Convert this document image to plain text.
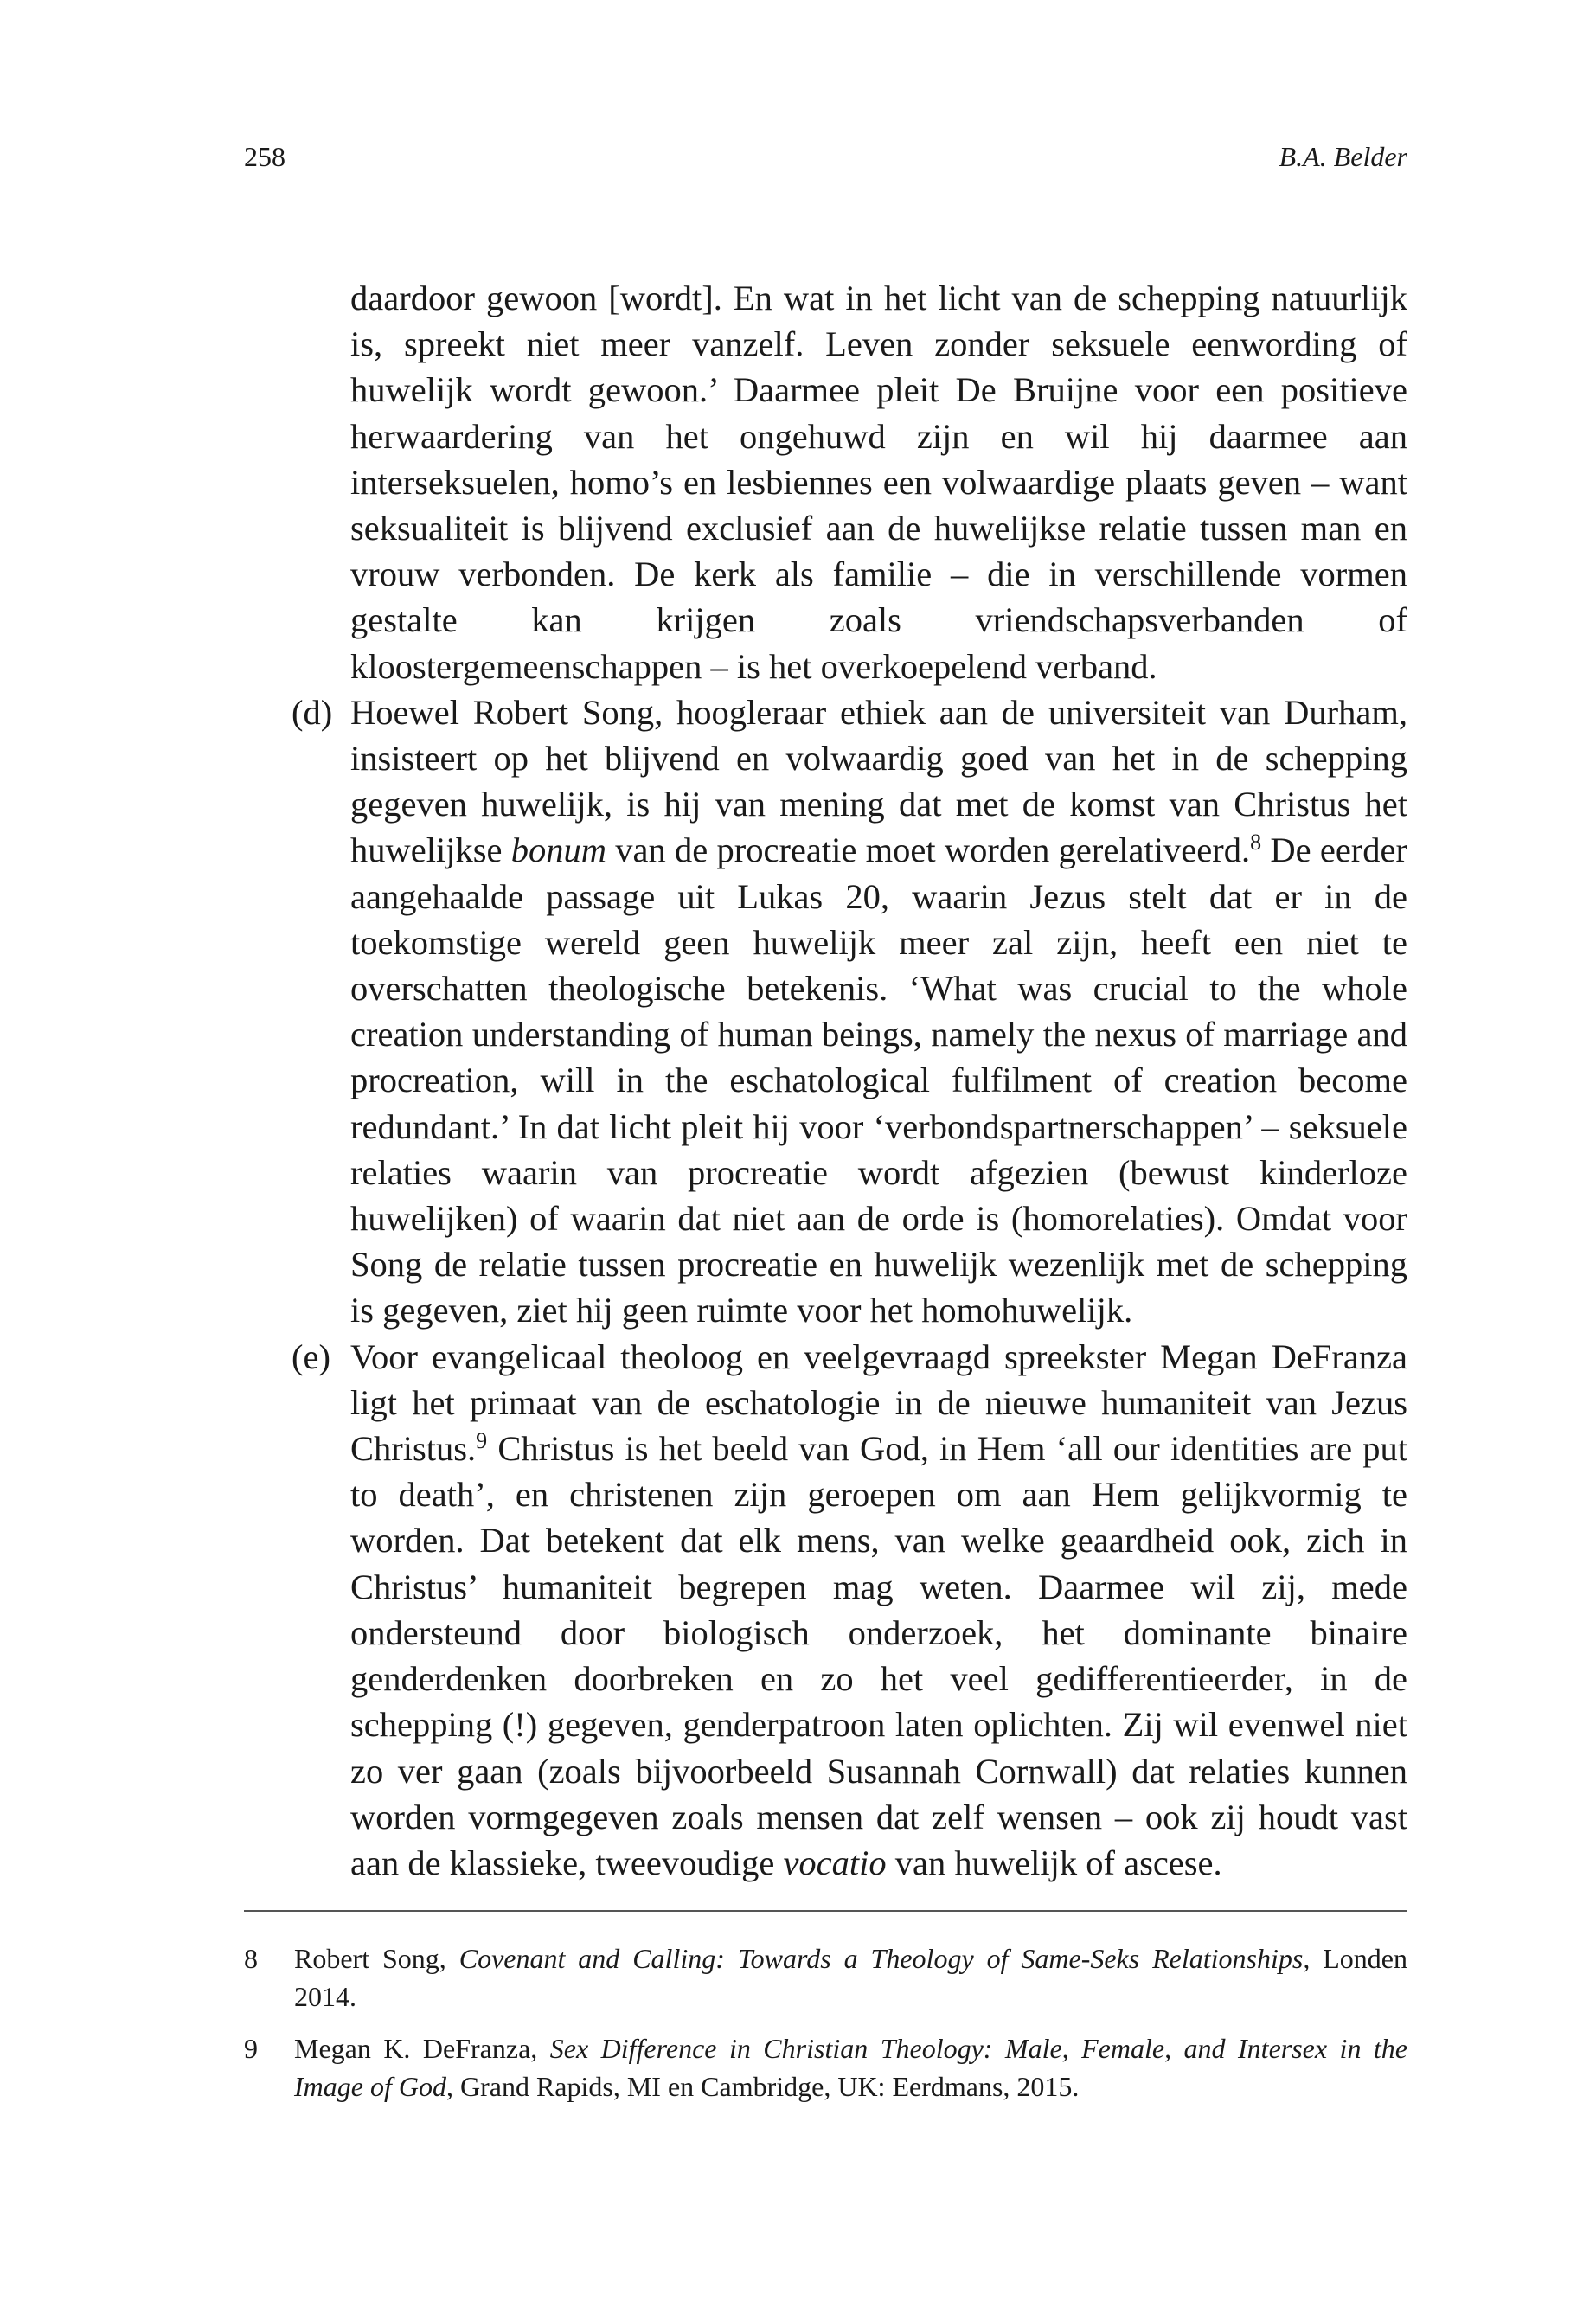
258	B.A. Belder

daardoor gewoon [wordt]. En wat in het licht van de schepping natuurlijk is, spreekt niet meer vanzelf. Leven zonder seksuele eenwording of huwelijk wordt gewoon.’ Daarmee pleit De Bruijne voor een positieve herwaardering van het ongehuwd zijn en wil hij daarmee aan interseksuelen, homo’s en lesbiennes een volwaardige plaats geven – want seksualiteit is blijvend exclusief aan de huwelijkse relatie tussen man en vrouw verbonden. De kerk als familie – die in verschillende vormen gestalte kan krijgen zoals vriendschapsverbanden of kloostergemeenschappen – is het overkoepelend verband.

(d) Hoewel Robert Song, hoogleraar ethiek aan de universiteit van Durham, insisteert op het blijvend en volwaardig goed van het in de schepping gegeven huwelijk, is hij van mening dat met de komst van Christus het huwelijkse bonum van de procreatie moet worden gerelativeerd.$^8$ De eerder aangehaalde passage uit Lukas 20, waarin Jezus stelt dat er in de toekomstige wereld geen huwelijk meer zal zijn, heeft een niet te overschatten theologische betekenis. ‘What was crucial to the whole creation understanding of human beings, namely the nexus of marriage and procreation, will in the eschatological fulfilment of creation become redundant.’ In dat licht pleit hij voor ‘verbondspartnerschappen’ – seksuele relaties waarin van procreatie wordt afgezien (bewust kinderloze huwelijken) of waarin dat niet aan de orde is (homorelaties). Omdat voor Song de relatie tussen procreatie en huwelijk wezenlijk met de schepping is gegeven, ziet hij geen ruimte voor het homohuwelijk.

(e) Voor evangelicaal theoloog en veelgevraagd spreekster Megan DeFranza ligt het primaat van de eschatologie in de nieuwe humaniteit van Jezus Christus.$^9$ Christus is het beeld van God, in Hem ‘all our identities are put to death’, en christenen zijn geroepen om aan Hem gelijkvormig te worden. Dat betekent dat elk mens, van welke geaardheid ook, zich in Christus’ humaniteit begrepen mag weten. Daarmee wil zij, mede ondersteund door biologisch onderzoek, het dominante binaire genderdenken doorbreken en zo het veel gedifferentieerder, in de schepping (!) gegeven, genderpatroon laten oplichten. Zij wil evenwel niet zo ver gaan (zoals bijvoorbeeld Susannah Cornwall) dat relaties kunnen worden vormgegeven zoals mensen dat zelf wensen – ook zij houdt vast aan de klassieke, tweevoudige vocatio van huwelijk of ascese.

8 Robert Song, Covenant and Calling: Towards a Theology of Same-Seks Relationships, Londen 2014.
9 Megan K. DeFranza, Sex Difference in Christian Theology: Male, Female, and Intersex in the Image of God, Grand Rapids, MI en Cambridge, UK: Eerdmans, 2015.
